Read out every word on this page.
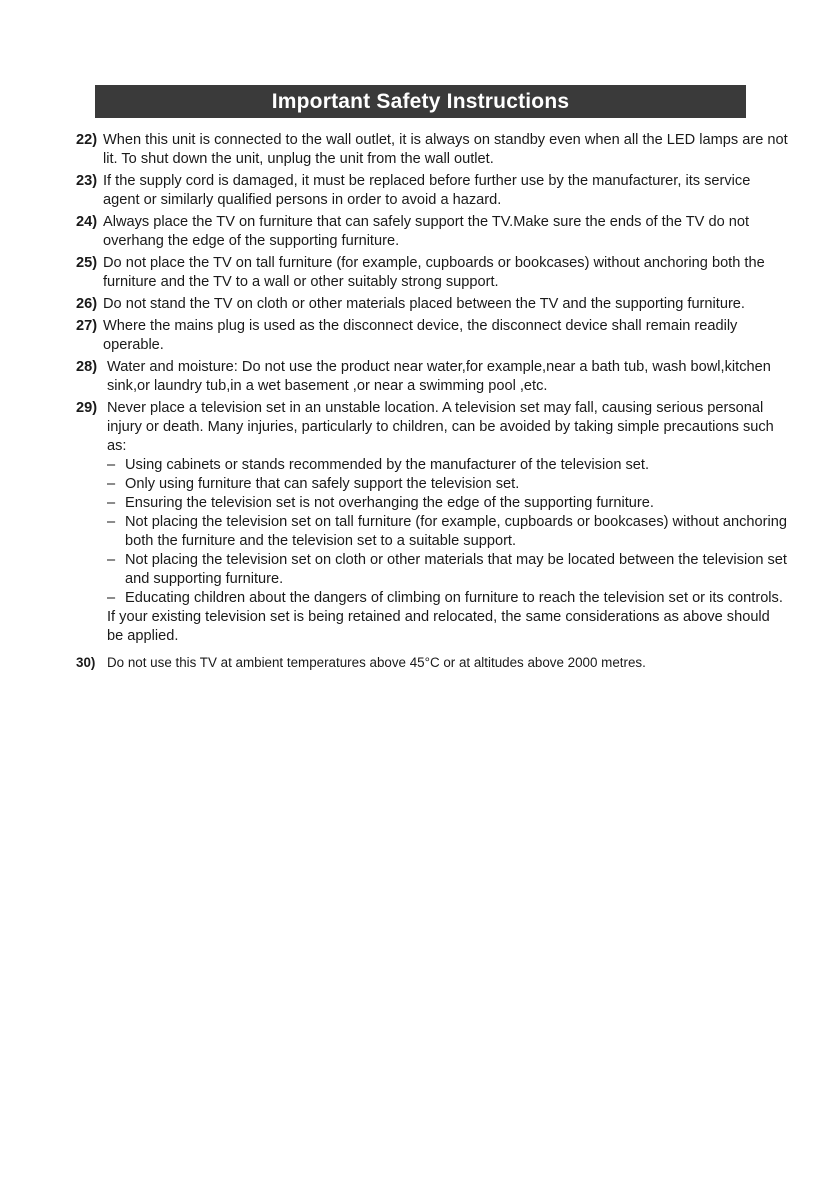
Important Safety Instructions
22) When this unit is connected to the wall outlet, it is always on standby even when all the LED lamps are not lit. To shut down the unit, unplug the unit from the wall outlet.
23) If the supply cord is damaged, it must be replaced before further use by the manufacturer, its service agent or similarly qualified persons in order to avoid a hazard.
24) Always place the TV on furniture that can safely support the TV.Make sure the ends of the TV do not overhang the edge of the supporting furniture.
25) Do not place the TV on tall furniture (for example, cupboards or bookcases) without anchoring both the furniture and the TV to a wall or other suitably strong support.
26) Do not stand the TV on cloth or other materials placed between the TV and the supporting furniture.
27) Where the mains plug is used as the disconnect device, the disconnect device shall remain readily operable.
28) Water and moisture: Do not use the product near water,for example,near a bath tub, wash bowl,kitchen sink,or laundry tub,in a wet basement ,or near a swimming pool ,etc.
29) Never place a television set in an unstable location. A television set may fall, causing serious personal injury or death. Many injuries, particularly to children, can be avoided by taking simple precautions such as:
– Using cabinets or stands recommended by the manufacturer of the television set.
– Only using furniture that can safely support the television set.
– Ensuring the television set is not overhanging the edge of the supporting furniture.
– Not placing the television set on tall furniture (for example, cupboards or bookcases) without anchoring both the furniture and the television set to a suitable support.
– Not placing the television set on cloth or other materials that may be located between the television set and supporting furniture.
– Educating children about the dangers of climbing on furniture to reach the television set or its controls.
If your existing television set is being retained and relocated, the same considerations as above should be applied.
30) Do not use this TV at ambient temperatures above 45°C or at altitudes above 2000 metres.
